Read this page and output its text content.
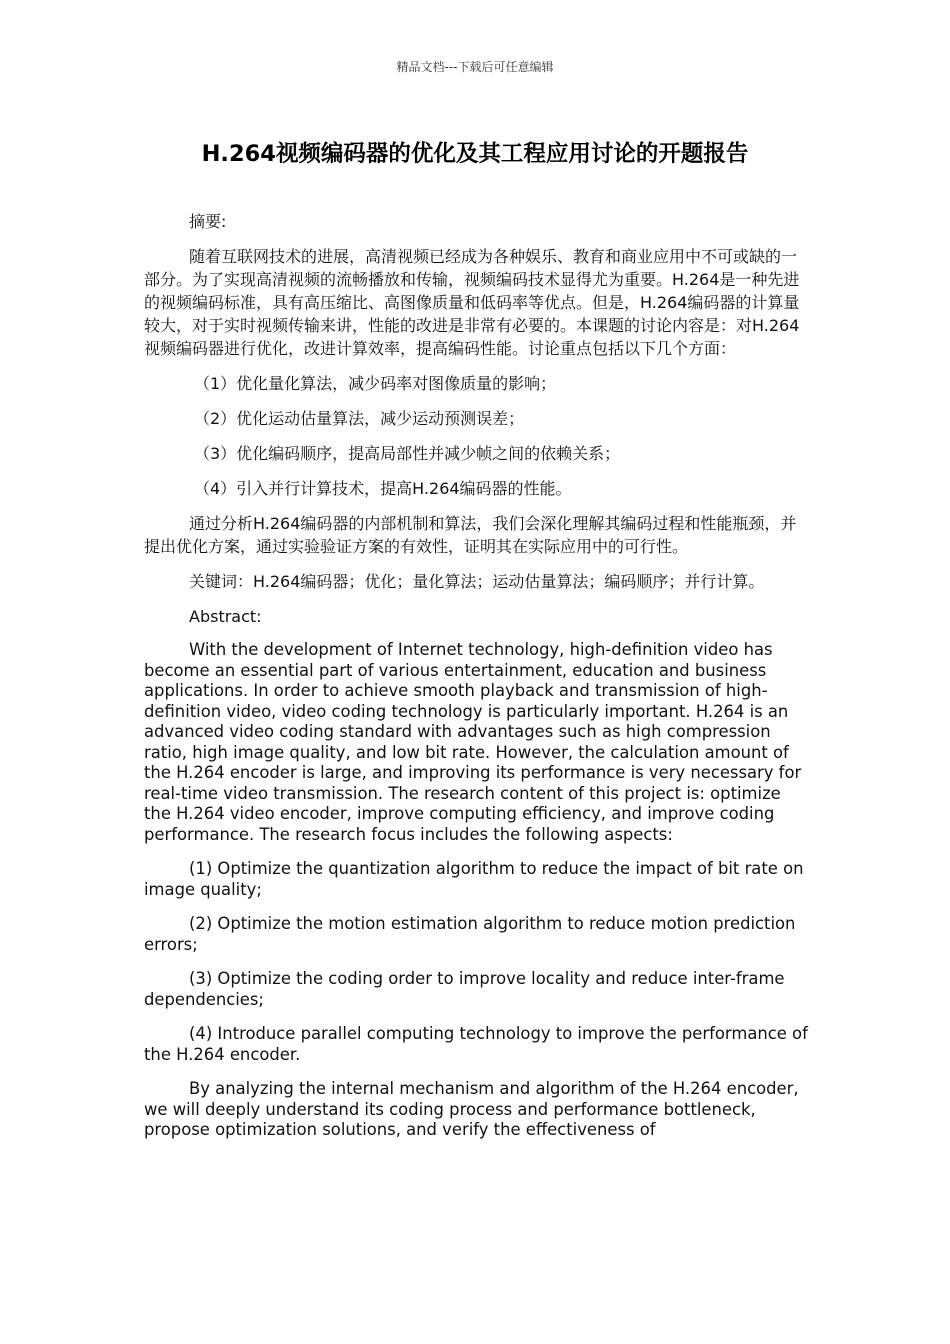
精品文档---下载后可任意编辑
H.264视频编码器的优化及其工程应用讨论的开题报告

摘要:

随着互联网技术的进展，高清视频已经成为各种娱乐、教育和商业应用中不可或缺的一部分。为了实现高清视频的流畅播放和传输，视频编码技术显得尤为重要。H.264是一种先进的视频编码标准，具有高压缩比、高图像质量和低码率等优点。但是，H.264编码器的计算量较大，对于实时视频传输来讲，性能的改进是非常有必要的。本课题的讨论内容是：对H.264视频编码器进行优化，改进计算效率，提高编码性能。讨论重点包括以下几个方面：

（1）优化量化算法，减少码率对图像质量的影响；

（2）优化运动估量算法，减少运动预测误差；

（3）优化编码顺序，提高局部性并减少帧之间的依赖关系；

（4）引入并行计算技术，提高H.264编码器的性能。

通过分析H.264编码器的内部机制和算法，我们会深化理解其编码过程和性能瓶颈，并提出优化方案，通过实验验证方案的有效性，证明其在实际应用中的可行性。

关键词：H.264编码器；优化；量化算法；运动估量算法；编码顺序；并行计算。

Abstract:

With the development of Internet technology, high-definition video has become an essential part of various entertainment, education and business applications. In order to achieve smooth playback and transmission of high-definition video, video coding technology is particularly important. H.264 is an advanced video coding standard with advantages such as high compression ratio, high image quality, and low bit rate. However, the calculation amount of the H.264 encoder is large, and improving its performance is very necessary for real-time video transmission. The research content of this project is: optimize the H.264 video encoder, improve computing efficiency, and improve coding performance. The research focus includes the following aspects:

(1) Optimize the quantization algorithm to reduce the impact of bit rate on image quality;

(2) Optimize the motion estimation algorithm to reduce motion prediction errors;

(3) Optimize the coding order to improve locality and reduce inter-frame dependencies;

(4) Introduce parallel computing technology to improve the performance of the H.264 encoder.

By analyzing the internal mechanism and algorithm of the H.264 encoder, we will deeply understand its coding process and performance bottleneck, propose optimization solutions, and verify the effectiveness of
